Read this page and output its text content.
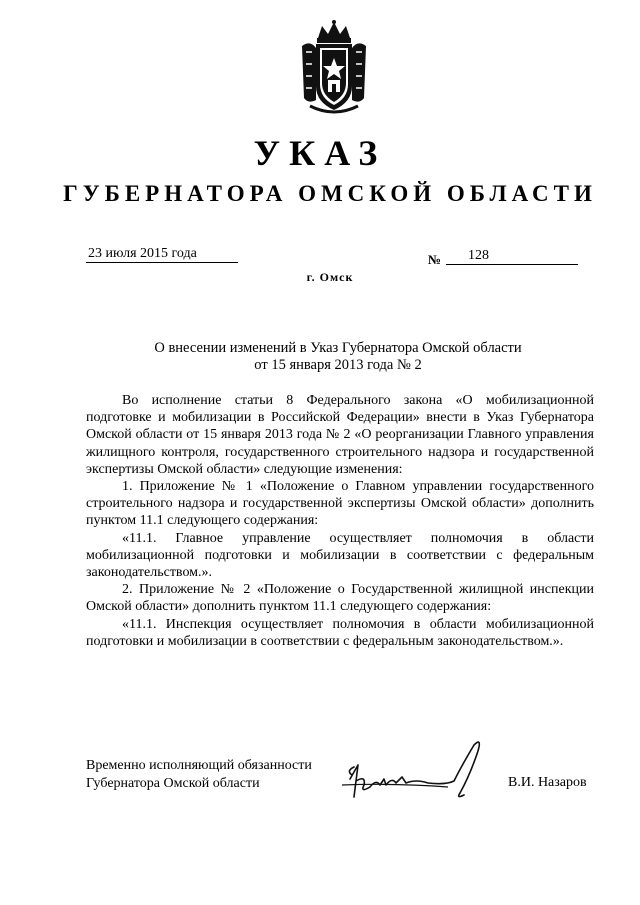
УКАЗ
ГУБЕРНАТОРА ОМСКОЙ ОБЛАСТИ
23 июля 2015 года	№	128
г. Омск
О внесении изменений в Указ Губернатора Омской области
от 15 января 2013 года № 2

Во исполнение статьи 8 Федерального закона «О мобилизационной подготовке и мобилизации в Российской Федерации» внести в Указ Губернатора Омской области от 15 января 2013 года № 2 «О реорганизации Главного управления жилищного контроля, государственного строительного надзора и государственной экспертизы Омской области» следующие изменения:

1. Приложение № 1 «Положение о Главном управлении государственного строительного надзора и государственной экспертизы Омской области» дополнить пунктом 11.1 следующего содержания:

«11.1. Главное управление осуществляет полномочия в области мобилизационной подготовки и мобилизации в соответствии с федеральным законодательством.».

2. Приложение № 2 «Положение о Государственной жилищной инспекции Омской области» дополнить пунктом 11.1 следующего содержания:

«11.1. Инспекция осуществляет полномочия в области мобилизационной подготовки и мобилизации в соответствии с федеральным законодательством.».

Временно исполняющий обязанности
Губернатора Омской области	В.И. Назаров
